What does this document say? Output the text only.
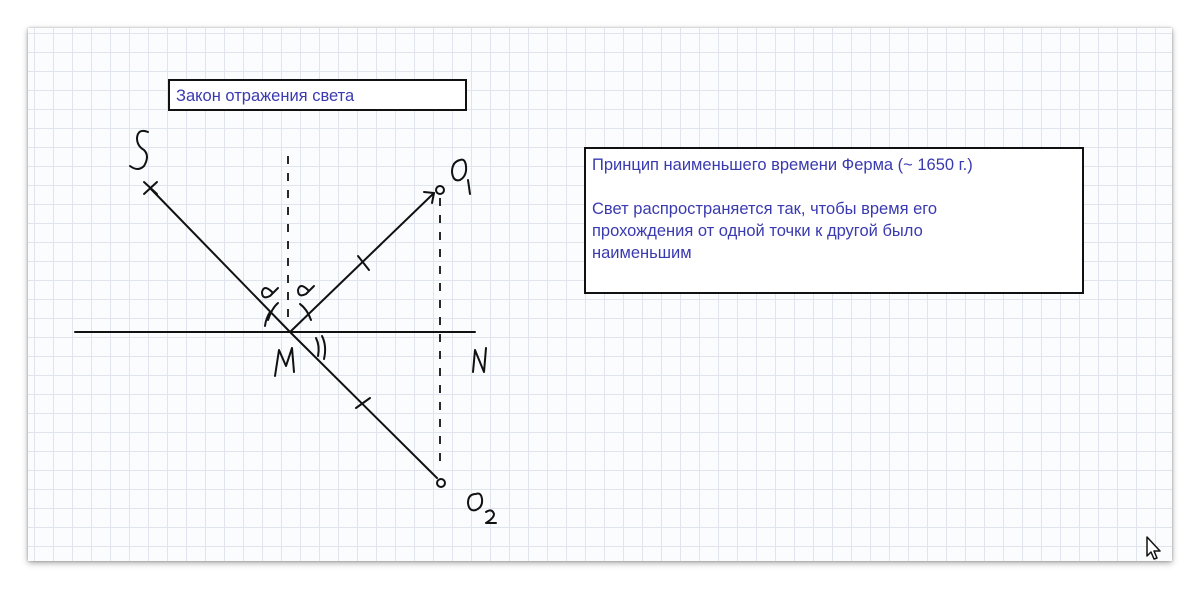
Закон отражения света

Принцип наименьшего времени Ферма (~ 1650 г.)

Свет распространяется так, чтобы время его

прохождения от одной точки к другой было

наименьшим
